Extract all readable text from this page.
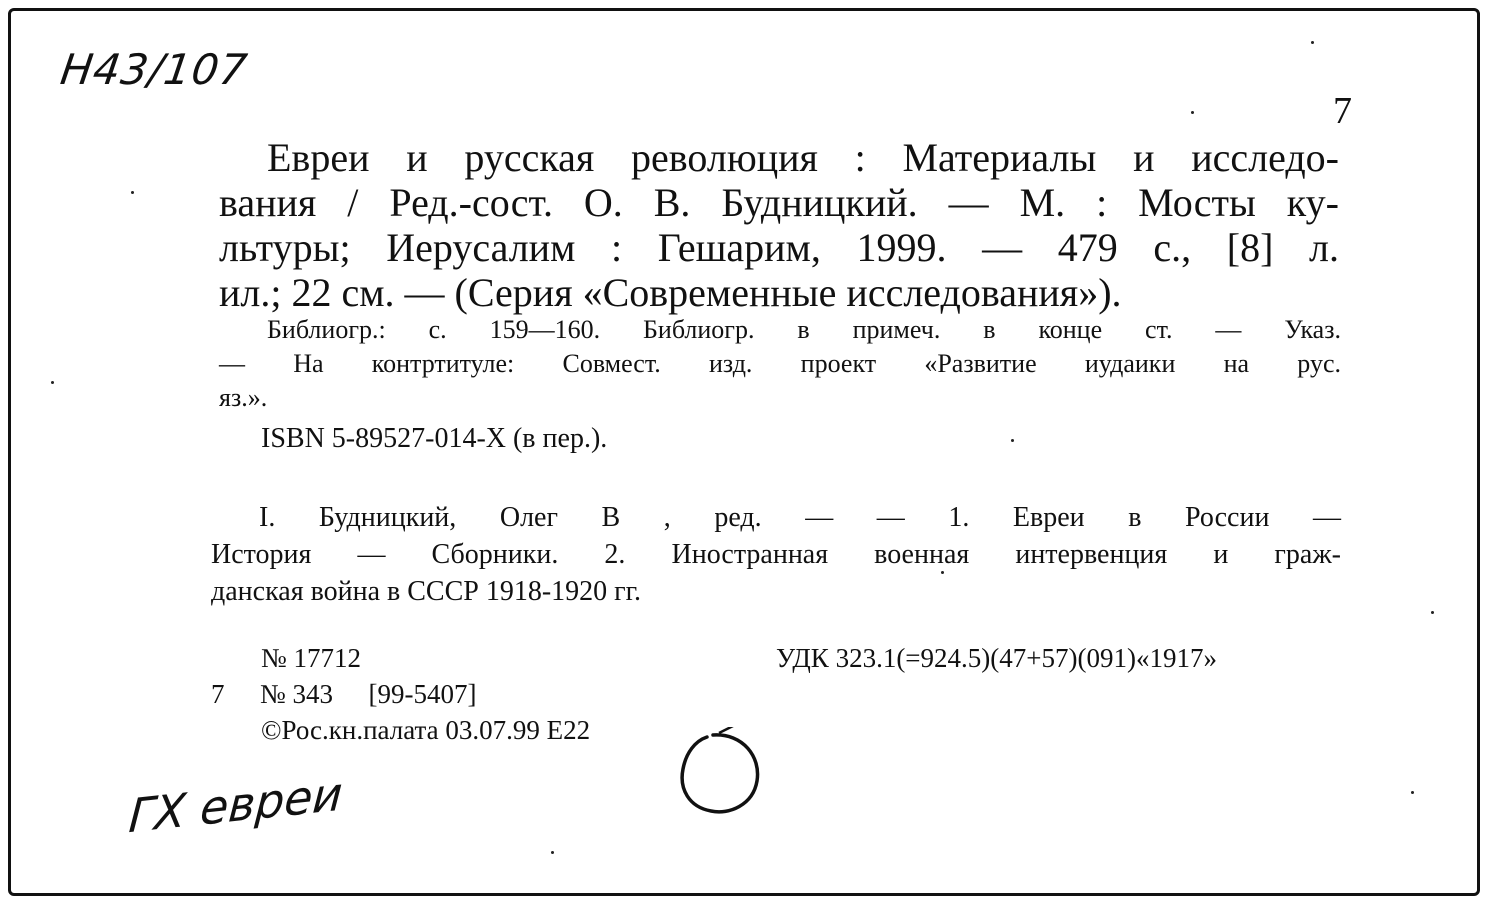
Н43/107
7
Евреи и русская революция : Материалы и исследо-
вания / Ред.-сост. О. В. Будницкий. — М. : Мосты ку-
льтуры; Иерусалим : Гешарим, 1999. — 479 с., [8] л.
ил.; 22 см. — (Серия «Современные исследования»).
Библиогр.: с. 159—160. Библиогр. в примеч. в конце ст. — Указ.
— На контртитуле: Совмест. изд. проект «Развитие иудаики на рус.
яз.».
ISBN 5-89527-014-X (в пер.).
I. Будницкий, Олег В , ред. — — 1. Евреи в России —
История — Сборники. 2. Иностранная военная интервенция и граж-
данская война в СССР 1918-1920 гг.
№ 17712	УДК 323.1(=924.5)(47+57)(091)«1917»
7 № 343 [99-5407]
©Рос.кн.палата 03.07.99 Е22
ГХ евреи
